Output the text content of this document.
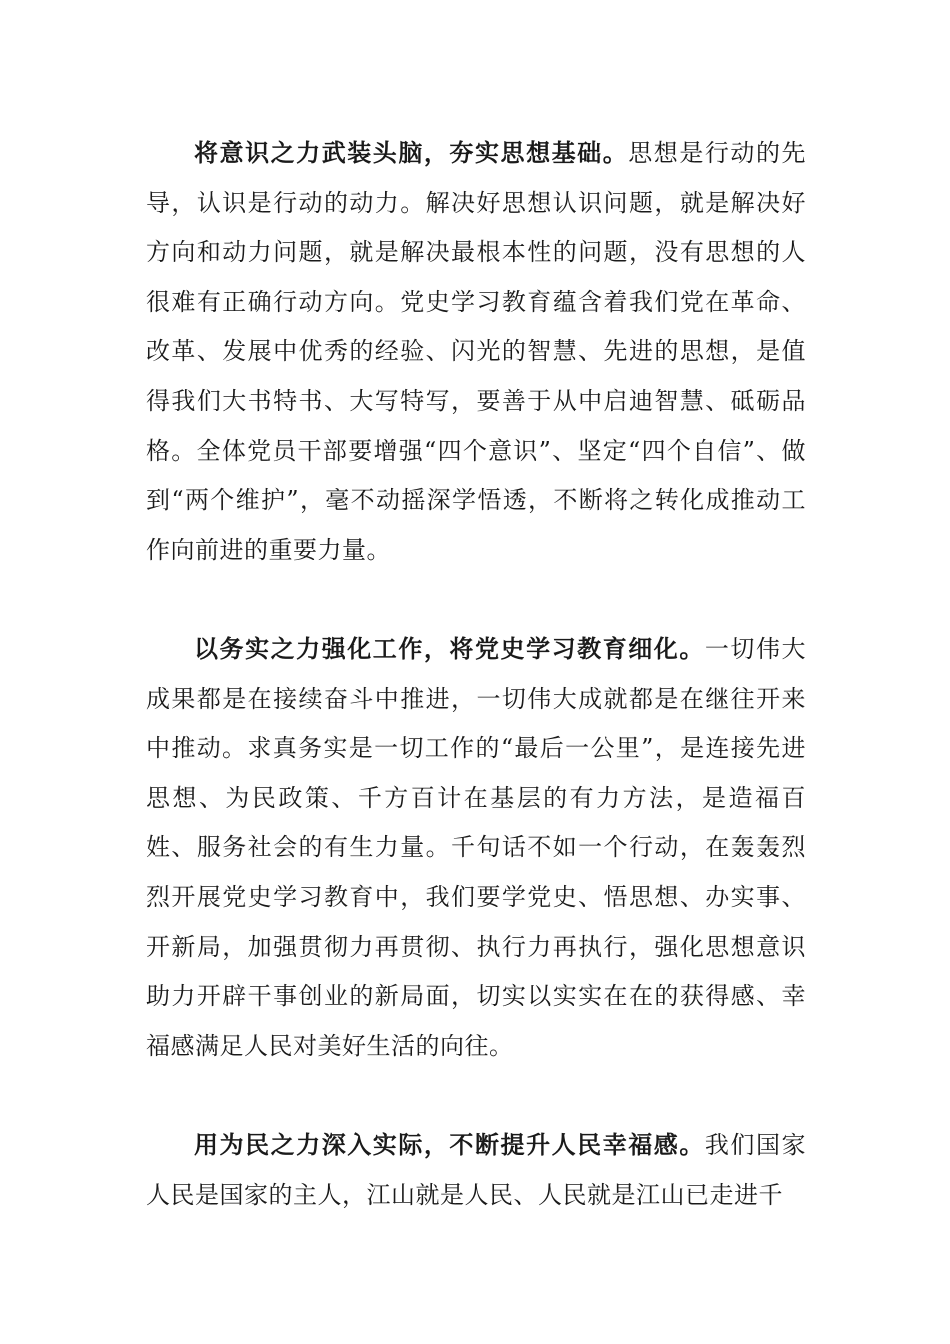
将意识之力武装头脑，夯实思想基础。思想是行动的先导，认识是行动的动力。解决好思想认识问题，就是解决好方向和动力问题，就是解决最根本性的问题，没有思想的人很难有正确行动方向。党史学习教育蕴含着我们党在革命、改革、发展中优秀的经验、闪光的智慧、先进的思想，是值得我们大书特书、大写特写，要善于从中启迪智慧、砥砺品格。全体党员干部要增强“四个意识”、坚定“四个自信”、做到“两个维护”，毫不动摇深学悟透，不断将之转化成推动工作向前进的重要力量。

以务实之力强化工作，将党史学习教育细化。一切伟大成果都是在接续奋斗中推进，一切伟大成就都是在继往开来中推动。求真务实是一切工作的“最后一公里”，是连接先进思想、为民政策、千方百计在基层的有力方法，是造福百姓、服务社会的有生力量。千句话不如一个行动，在轰轰烈烈开展党史学习教育中，我们要学党史、悟思想、办实事、开新局，加强贯彻力再贯彻、执行力再执行，强化思想意识助力开辟干事创业的新局面，切实以实实在在的获得感、幸福感满足人民对美好生活的向往。

用为民之力深入实际，不断提升人民幸福感。我们国家人民是国家的主人，江山就是人民、人民就是江山已走进千
